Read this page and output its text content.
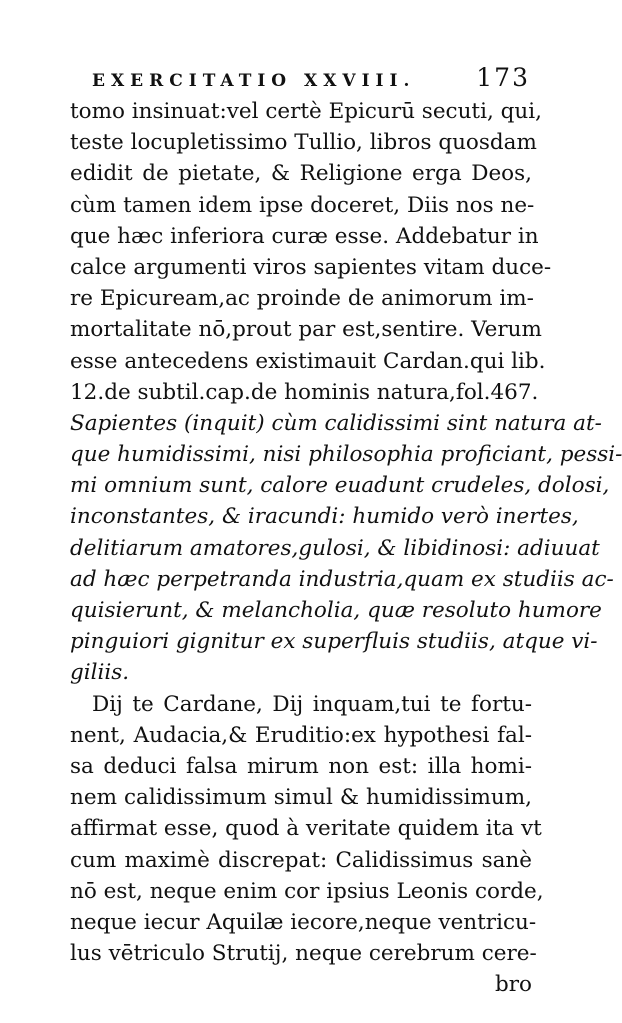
EXERCITATIO XXVIII. 173
tomo insinuat:vel certè Epicurū secuti, qui,
teste locupletissimo Tullio, libros quosdam
edidit de pietate, & Religione erga Deos,
cùm tamen idem ipse doceret, Diis nos ne-
que hæc inferiora curæ esse. Addebatur in
calce argumenti viros sapientes vitam duce-
re Epicuream,ac proinde de animorum im-
mortalitate nō,prout par est,sentire. Verum
esse antecedens existimauit Cardan.qui lib.
12.de subtil.cap.de hominis natura,fol.467.
Sapientes (inquit) cùm calidissimi sint natura at-
que humidissimi, nisi philosophia proficiant, pessi-
mi omnium sunt, calore euadunt crudeles, dolosi,
inconstantes, & iracundi: humido verò inertes,
delitiarum amatores,gulosi, & libidinosi: adiuuat
ad hæc perpetranda industria,quam ex studiis ac-
quisierunt, & melancholia, quæ resoluto humore
pinguiori gignitur ex superfluis studiis, atque vi-
giliis.
Dij te Cardane, Dij inquam,tui te fortu-
nent, Audacia,& Eruditio:ex hypothesi fal-
sa deduci falsa mirum non est: illa homi-
nem calidissimum simul & humidissimum,
affirmat esse, quod à veritate quidem ita vt
cum maximè discrepat: Calidissimus sanè
nō est, neque enim cor ipsius Leonis corde,
neque iecur Aquilæ iecore,neque ventricu-
lus vētriculo Strutij, neque cerebrum cere-
bro
